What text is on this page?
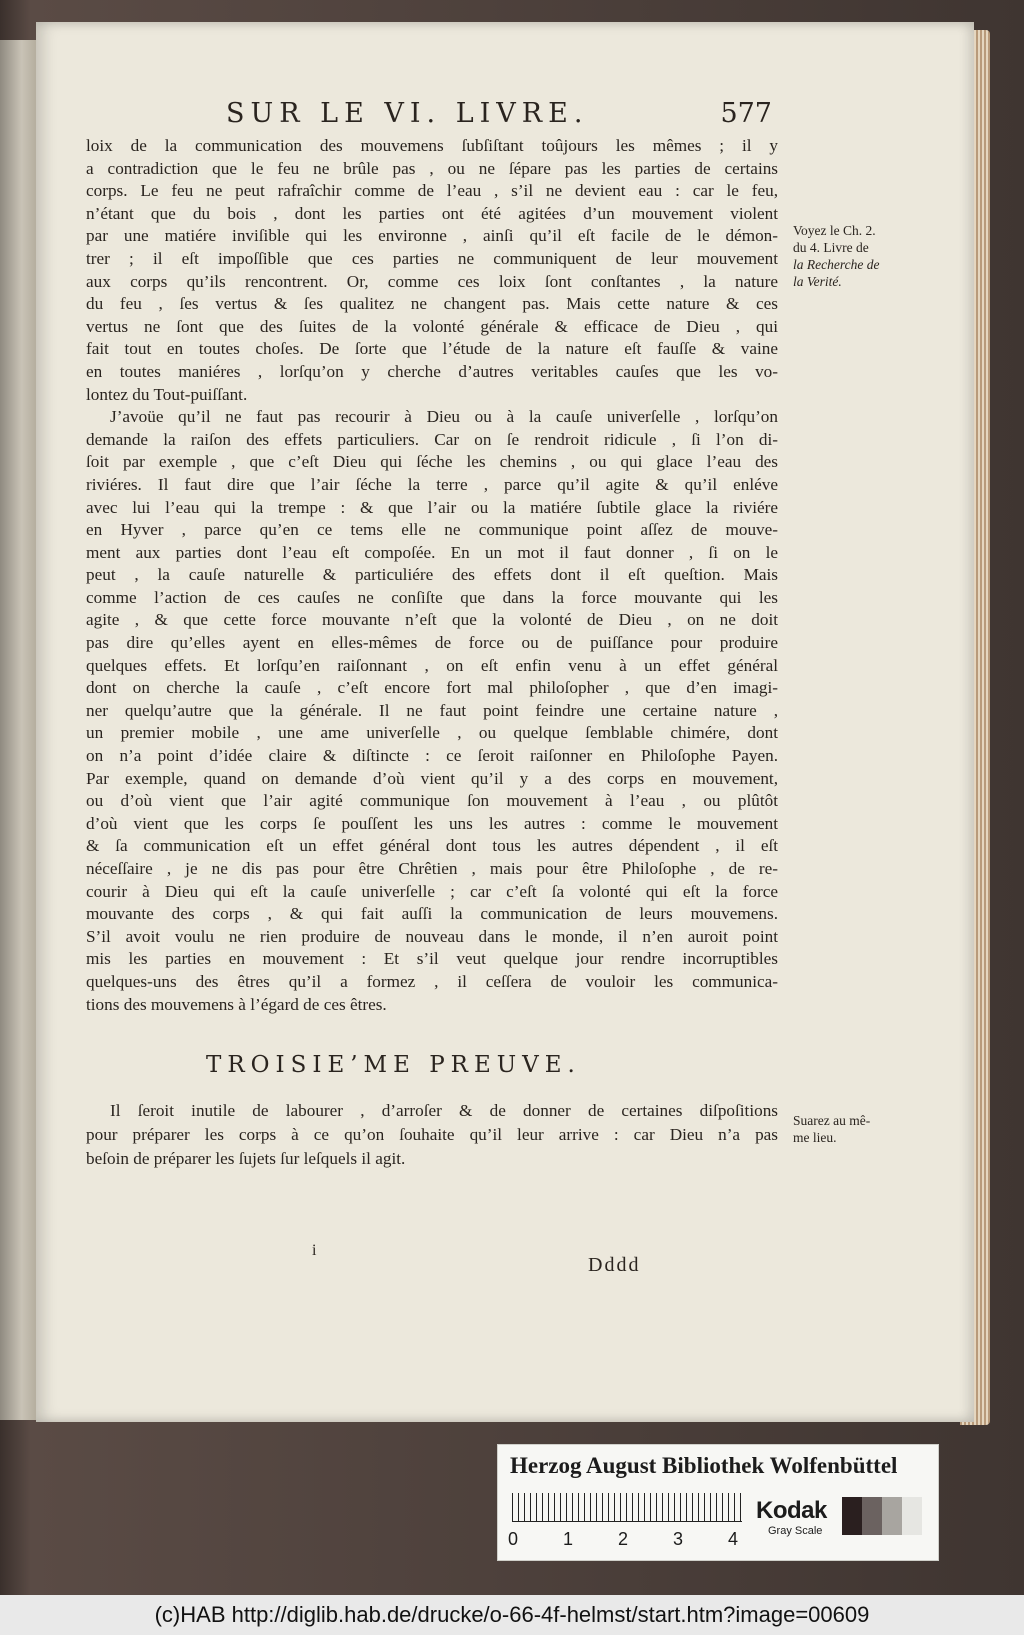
SUR LE VI. LIVRE.	577
loix de la communication des mouvemens ſubſiſtant toûjours les mêmes ; il y
a contradiction que le feu ne brûle pas , ou ne ſépare pas les parties de certains
corps. Le feu ne peut rafraîchir comme de l’eau , s’il ne devient eau : car le feu,
n’étant que du bois , dont les parties ont été agitées d’un mouvement violent
par une matiére inviſible qui les environne , ainſi qu’il eſt facile de le démon-
trer ; il eſt impoſſible que ces parties ne communiquent de leur mouvement
aux corps qu’ils rencontrent. Or, comme ces loix ſont conſtantes , la nature
du feu , ſes vertus & ſes qualitez ne changent pas. Mais cette nature & ces
vertus ne ſont que des ſuites de la volonté générale & efficace de Dieu , qui
fait tout en toutes choſes. De ſorte que l’étude de la nature eſt fauſſe & vaine
en toutes maniéres , lorſqu’on y cherche d’autres veritables cauſes que les vo-
lontez du Tout-puiſſant.
J’avoüe qu’il ne faut pas recourir à Dieu ou à la cauſe univerſelle , lorſqu’on
demande la raiſon des effets particuliers. Car on ſe rendroit ridicule , ſi l’on di-
ſoit par exemple , que c’eſt Dieu qui ſéche les chemins , ou qui glace l’eau des
riviéres. Il faut dire que l’air ſéche la terre , parce qu’il agite & qu’il enléve
avec lui l’eau qui la trempe : & que l’air ou la matiére ſubtile glace la riviére
en Hyver , parce qu’en ce tems elle ne communique point aſſez de mouve-
ment aux parties dont l’eau eſt compoſée. En un mot il faut donner , ſi on le
peut , la cauſe naturelle & particuliére des effets dont il eſt queſtion. Mais
comme l’action de ces cauſes ne conſiſte que dans la force mouvante qui les
agite , & que cette force mouvante n’eſt que la volonté de Dieu , on ne doit
pas dire qu’elles ayent en elles-mêmes de force ou de puiſſance pour produire
quelques effets. Et lorſqu’en raiſonnant , on eſt enfin venu à un effet général
dont on cherche la cauſe , c’eſt encore fort mal philoſopher , que d’en imagi-
ner quelqu’autre que la générale. Il ne faut point feindre une certaine nature ,
un premier mobile , une ame univerſelle , ou quelque ſemblable chimére, dont
on n’a point d’idée claire & diſtincte : ce ſeroit raiſonner en Philoſophe Payen.
Par exemple, quand on demande d’où vient qu’il y a des corps en mouvement,
ou d’où vient que l’air agité communique ſon mouvement à l’eau , ou plûtôt
d’où vient que les corps ſe pouſſent les uns les autres : comme le mouvement
& ſa communication eſt un effet général dont tous les autres dépendent , il eſt
néceſſaire , je ne dis pas pour être Chrêtien , mais pour être Philoſophe , de re-
courir à Dieu qui eſt la cauſe univerſelle ; car c’eſt ſa volonté qui eſt la force
mouvante des corps , & qui fait auſſi la communication de leurs mouvemens.
S’il avoit voulu ne rien produire de nouveau dans le monde, il n’en auroit point
mis les parties en mouvement : Et s’il veut quelque jour rendre incorruptibles
quelques-uns des êtres qu’il a formez , il ceſſera de vouloir les communica-
tions des mouvemens à l’égard de ces êtres.
Voyez le Ch. 2.
du 4. Livre de
la Recherche de
la Verité.
TROISIE’ME PREUVE.
Il ſeroit inutile de labourer , d’arroſer & de donner de certaines diſpoſitions
pour préparer les corps à ce qu’on ſouhaite qu’il leur arrive : car Dieu n’a pas
beſoin de préparer les ſujets ſur leſquels il agit.
Suarez au mê-
me lieu.
i
Dddd
Herzog August Bibliothek Wolfenbüttel
0 1 2 3 4
Kodak
Gray Scale
(c)HAB http://diglib.hab.de/drucke/o-66-4f-helmst/start.htm?image=00609
